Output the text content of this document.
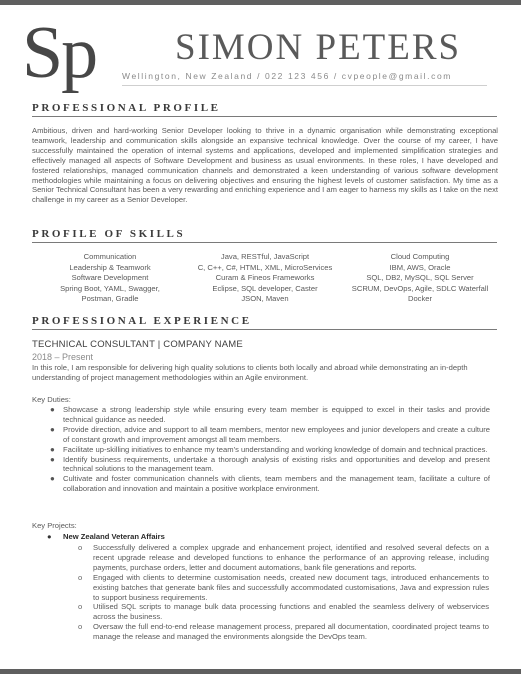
Sp SIMON PETERS
Wellington, New Zealand / 022 123 456 / cvpeople@gmail.com
PROFESSIONAL PROFILE
Ambitious, driven and hard-working Senior Developer looking to thrive in a dynamic organisation while demonstrating exceptional teamwork, leadership and communication skills alongside an expansive technical knowledge. Over the course of my career, I have successfully maintained the operation of internal systems and applications, developed and implemented simplification strategies and effectively managed all aspects of Software Development and business as usual environments. In these roles, I have developed and fostered relationships, managed communication channels and demonstrated a keen understanding of various software development methodologies while maintaining a focus on delivering objectives and ensuring the highest levels of customer satisfaction. My time as a Senior Technical Consultant has been a very rewarding and enriching experience and I am eager to harness my skills as I take on the next challenge in my career as a Senior Developer.
PROFILE OF SKILLS
Communication
Leadership & Teamwork
Software Development
Spring Boot, YAML, Swagger,
Postman, Gradle
Java, RESTful, JavaScript
C, C++, C#, HTML, XML, MicroServices
Curam & Fineos Frameworks
Eclipse, SQL developer, Caster
JSON, Maven
Cloud Computing
IBM, AWS, Oracle
SQL, DB2, MySQL, SQL Server
SCRUM, DevOps, Agile, SDLC Waterfall
Docker
PROFESSIONAL EXPERIENCE
TECHNICAL CONSULTANT | COMPANY NAME
2018 – Present
In this role, I am responsible for delivering high quality solutions to clients both locally and abroad while demonstrating an in-depth understanding of project management methodologies within an Agile environment.
Key Duties:
● Showcase a strong leadership style while ensuring every team member is equipped to excel in their tasks and provide technical guidance as needed.
● Provide direction, advice and support to all team members, mentor new employees and junior developers and create a culture of constant growth and improvement amongst all team members.
● Facilitate up-skilling initiatives to enhance my team’s understanding and working knowledge of domain and technical practices.
● Identify business requirements, undertake a thorough analysis of existing risks and opportunities and develop and present technical solutions to the management team.
● Cultivate and foster communication channels with clients, team members and the management team, facilitate a culture of collaboration and innovation and maintain a positive workplace environment.
Key Projects:
● New Zealand Veteran Affairs
o Successfully delivered a complex upgrade and enhancement project, identified and resolved several defects on a recent upgrade release and developed functions to enhance the performance of an approving release, including payments, purchase orders, letter and document automations, bank file generations and reports.
o Engaged with clients to determine customisation needs, created new document tags, introduced enhancements to existing batches that generate bank files and successfully accommodated customisations, Java and expression rules to support business requirements.
o Utilised SQL scripts to manage bulk data processing functions and enabled the seamless delivery of webservices across the business.
o Oversaw the full end-to-end release management process, prepared all documentation, coordinated project teams to manage the release and managed the environments alongside the DevOps team.
